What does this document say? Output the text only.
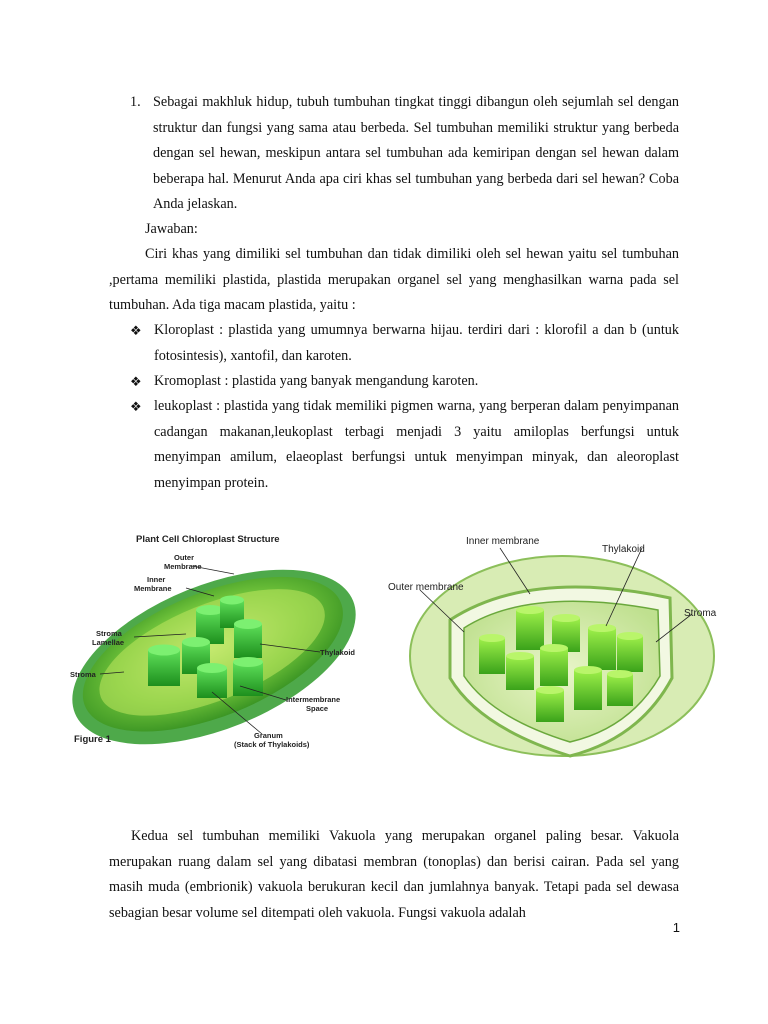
1. Sebagai makhluk hidup, tubuh tumbuhan tingkat tinggi dibangun oleh sejumlah sel dengan struktur dan fungsi yang sama atau berbeda. Sel tumbuhan memiliki struktur yang berbeda dengan sel hewan, meskipun antara sel tumbuhan ada kemiripan dengan sel hewan dalam beberapa hal. Menurut Anda apa ciri khas sel tumbuhan yang berbeda dari sel hewan? Coba Anda jelaskan.
Jawaban:
Ciri khas yang dimiliki sel tumbuhan dan tidak dimiliki oleh sel hewan yaitu sel tumbuhan ,pertama memiliki plastida, plastida merupakan organel sel yang menghasilkan warna pada sel tumbuhan. Ada tiga macam plastida, yaitu :
❖ Kloroplast : plastida yang umumnya berwarna hijau. terdiri dari : klorofil a dan b (untuk fotosintesis), xantofil, dan karoten.
❖ Kromoplast : plastida yang banyak mengandung karoten.
❖ leukoplast : plastida yang tidak memiliki pigmen warna, yang berperan dalam penyimpanan cadangan makanan,leukoplast terbagi menjadi 3 yaitu amiloplas berfungsi untuk menyimpan amilum, elaeoplast berfungsi untuk menyimpan minyak, dan aleoroplast menyimpan protein.
Plant Cell Chloroplast Structure
Outer
Membrane
Inner
Membrane
Stroma
Lamellae
Stroma
Thylakoid
Intermembrane
Space
Granum
(Stack of Thylakoids)
Figure 1
Inner membrane
Thylakoid
Outer membrane
Stroma
Kedua sel tumbuhan memiliki Vakuola yang merupakan organel paling besar. Vakuola merupakan ruang dalam sel yang dibatasi membran (tonoplas) dan berisi cairan. Pada sel yang masih muda (embrionik) vakuola berukuran kecil dan jumlahnya banyak. Tetapi pada sel dewasa sebagian besar volume sel ditempati oleh vakuola. Fungsi vakuola adalah
1
